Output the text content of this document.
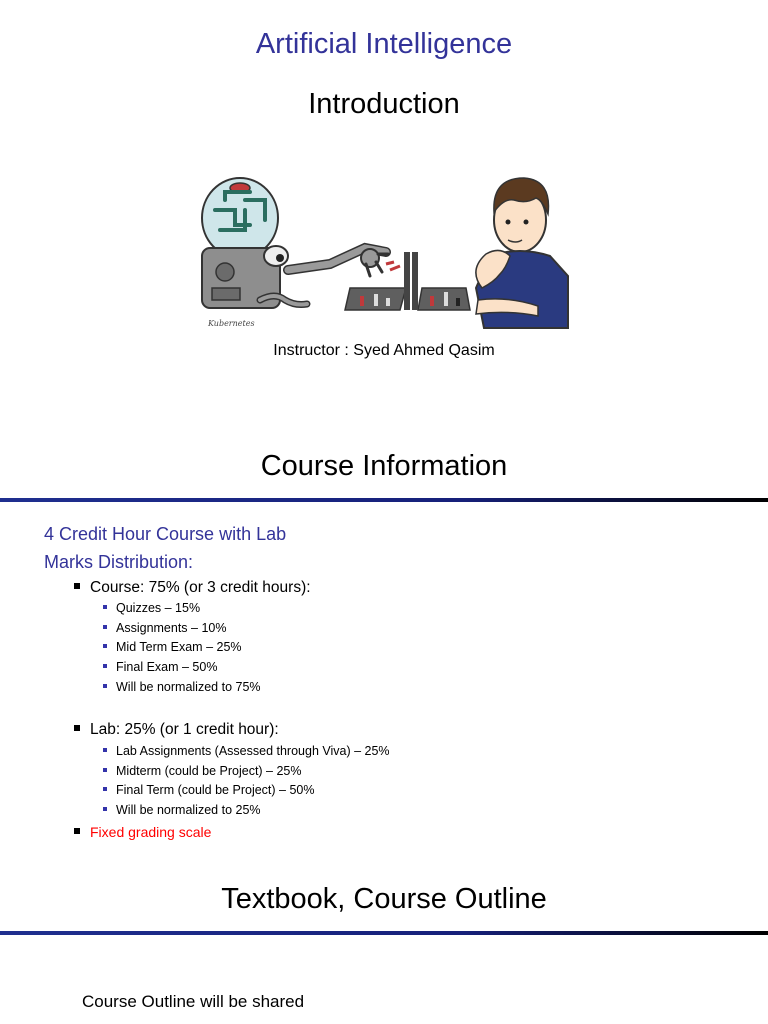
Artificial Intelligence
Introduction
Kubernetes
Instructor : Syed Ahmed Qasim
Course Information
4 Credit Hour Course with Lab
Marks Distribution:
Course: 75% (or 3 credit hours):
Quizzes – 15%
Assignments – 10%
Mid Term Exam – 25%
Final Exam – 50%
Will be normalized to 75%
Lab: 25% (or 1 credit hour):
Lab Assignments (Assessed through Viva) – 25%
Midterm (could be Project) – 25%
Final Term (could be Project) – 50%
Will be normalized to 25%
Fixed grading scale
Textbook, Course Outline
Course Outline will be shared
